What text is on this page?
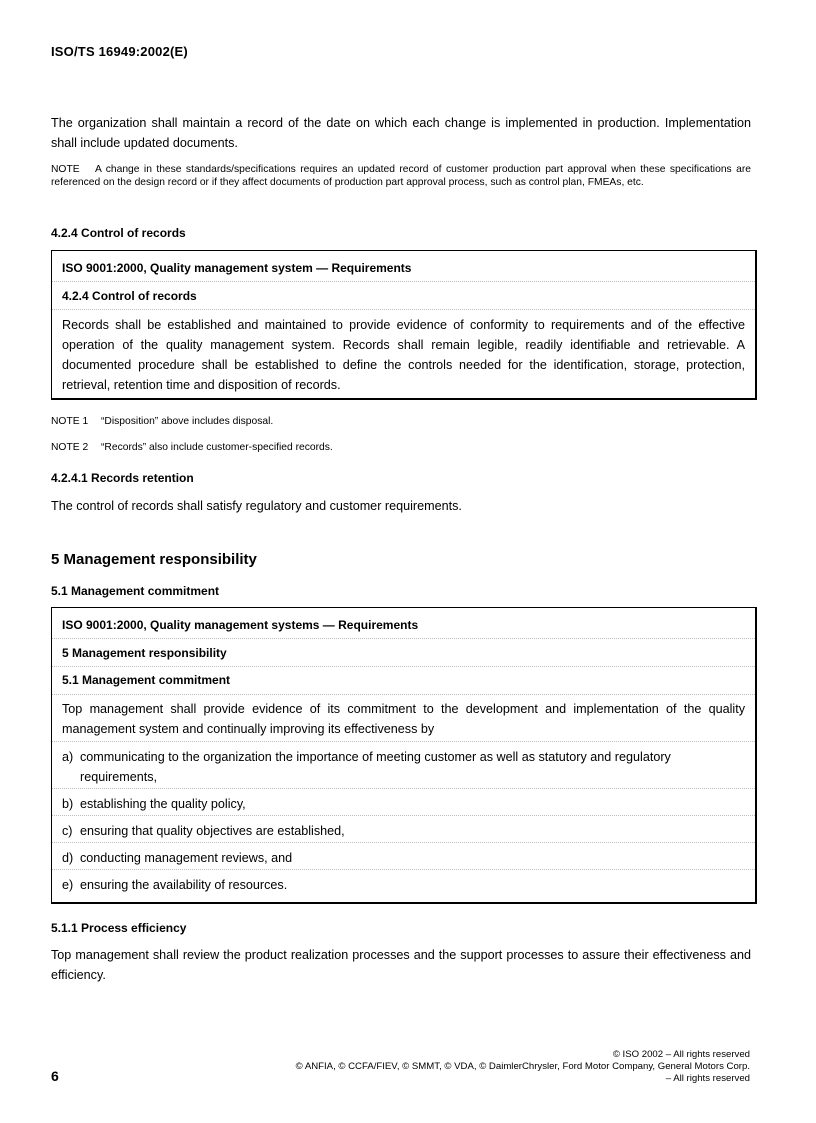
ISO/TS 16949:2002(E)

The organization shall maintain a record of the date on which each change is implemented in production. Implementation shall include updated documents.

NOTE A change in these standards/specifications requires an updated record of customer production part approval when these specifications are referenced on the design record or if they affect documents of production part approval process, such as control plan, FMEAs, etc.

4.2.4 Control of records
ISO 9001:2000, Quality management system — Requirements
4.2.4 Control of records

Records shall be established and maintained to provide evidence of conformity to requirements and of the effective operation of the quality management system. Records shall remain legible, readily identifiable and retrievable. A documented procedure shall be established to define the controls needed for the identification, storage, protection, retrieval, retention time and disposition of records.

NOTE 1 “Disposition” above includes disposal.

NOTE 2 “Records” also include customer-specified records.

4.2.4.1 Records retention

The control of records shall satisfy regulatory and customer requirements.

5 Management responsibility
5.1 Management commitment
ISO 9001:2000, Quality management systems — Requirements
5 Management responsibility
5.1 Management commitment

Top management shall provide evidence of its commitment to the development and implementation of the quality management system and continually improving its effectiveness by

a) communicating to the organization the importance of meeting customer as well as statutory and regulatory
requirements,
b) establishing the quality policy,
c) ensuring that quality objectives are established,
d) conducting management reviews, and
e) ensuring the availability of resources.
5.1.1 Process efficiency

Top management shall review the product realization processes and the support processes to assure their effectiveness and efficiency.

6
© ISO 2002 – All rights reserved
© ANFIA, © CCFA/FIEV, © SMMT, © VDA, © DaimlerChrysler, Ford Motor Company, General Motors Corp.
– All rights reserved
